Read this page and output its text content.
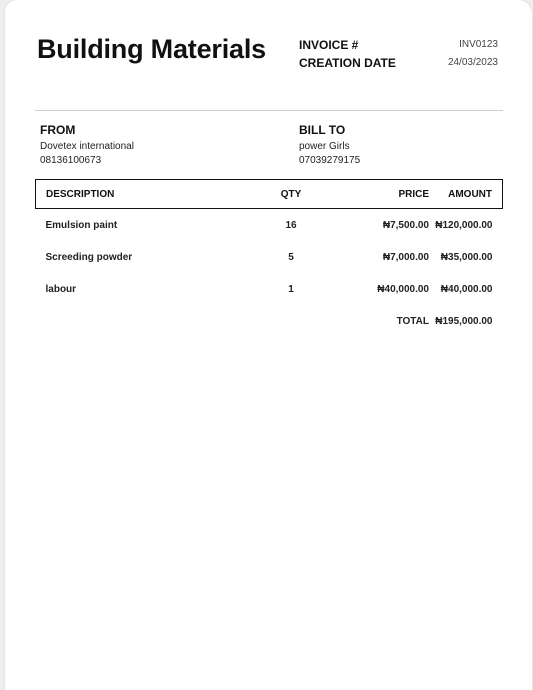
Building Materials	INVOICE #	INV0123
CREATION DATE	24/03/2023
FROM
Dovetex international
08136100673
BILL TO
power Girls
07039279175
DESCRIPTION	QTY	PRICE	AMOUNT
Emulsion paint	16	₦7,500.00	₦120,000.00
Screeding powder	5	₦7,000.00	₦35,000.00
labour	1	₦40,000.00	₦40,000.00
		TOTAL	₦195,000.00
